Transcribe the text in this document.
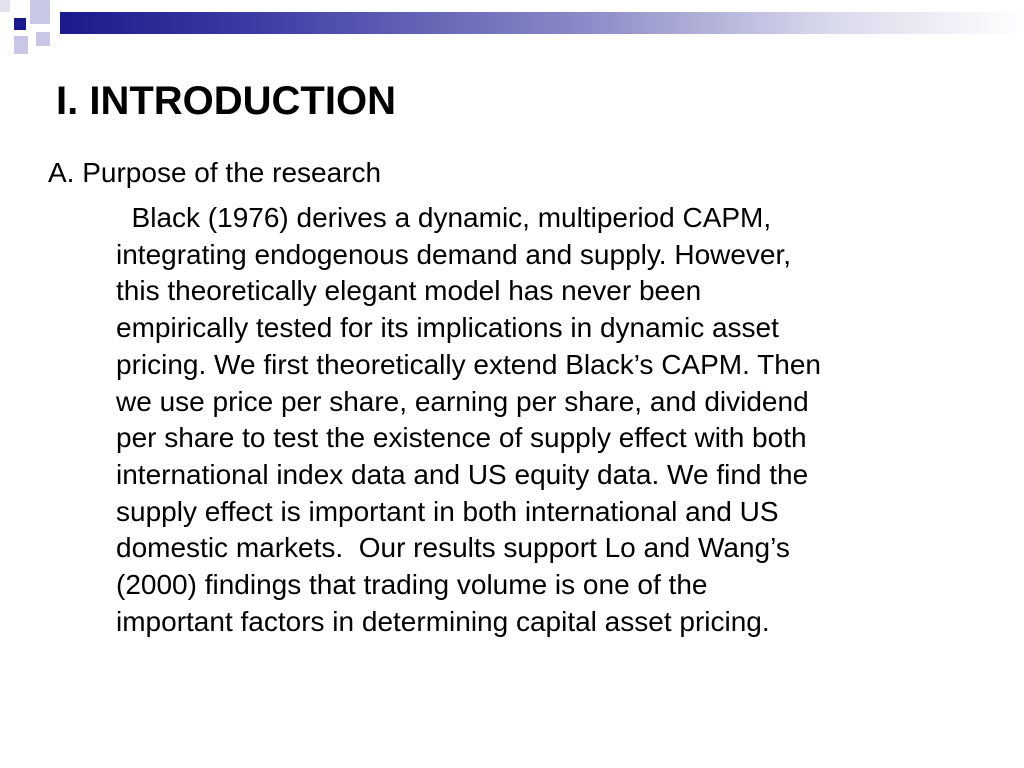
I. INTRODUCTION
A. Purpose of the research

Black (1976) derives a dynamic, multiperiod CAPM,
integrating endogenous demand and supply. However,
this theoretically elegant model has never been
empirically tested for its implications in dynamic asset
pricing. We first theoretically extend Black’s CAPM. Then
we use price per share, earning per share, and dividend
per share to test the existence of supply effect with both
international index data and US equity data. We find the
supply effect is important in both international and US
domestic markets.  Our results support Lo and Wang’s
(2000) findings that trading volume is one of the
important factors in determining capital asset pricing.
